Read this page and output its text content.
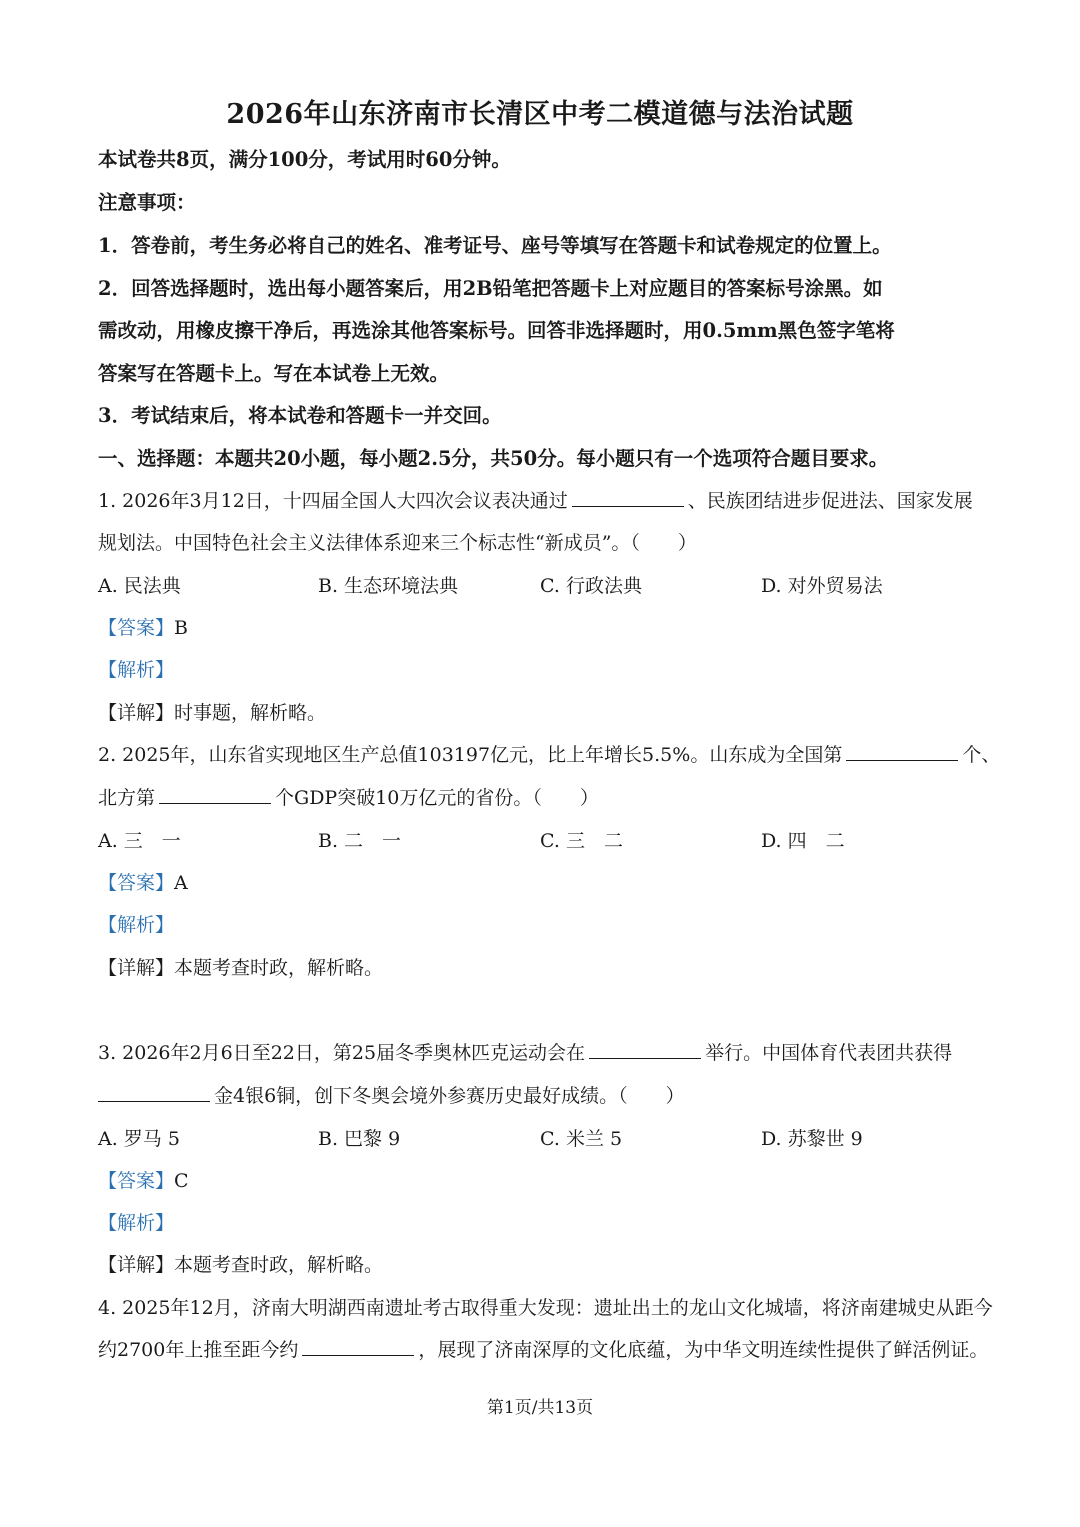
2026年山东济南市长清区中考二模道德与法治试题
本试卷共8页，满分100分，考试用时60分钟。
注意事项：
1．答卷前，考生务必将自己的姓名、准考证号、座号等填写在答题卡和试卷规定的位置上。
2．回答选择题时，选出每小题答案后，用2B铅笔把答题卡上对应题目的答案标号涂黑。如
需改动，用橡皮擦干净后，再选涂其他答案标号。回答非选择题时，用0.5mm黑色签字笔将
答案写在答题卡上。写在本试卷上无效。
3．考试结束后，将本试卷和答题卡一并交回。
一、选择题：本题共20小题，每小题2.5分，共50分。每小题只有一个选项符合题目要求。
1. 2026年3月12日，十四届全国人大四次会议表决通过	、民族团结进步促进法、国家发展
规划法。中国特色社会主义法律体系迎来三个标志性“新成员”。（　　）
A. 民法典	B. 生态环境法典	C. 行政法典	D. 对外贸易法
【答案】B
【解析】
【详解】时事题，解析略。
2. 2025年，山东省实现地区生产总值103197亿元，比上年增长5.5%。山东成为全国第	个、
北方第	个GDP突破10万亿元的省份。（　　）
A. 三　一	B. 二　一	C. 三　二	D. 四　二
【答案】A
【解析】
【详解】本题考查时政，解析略。
3. 2026年2月6日至22日，第25届冬季奥林匹克运动会在	举行。中国体育代表团共获得
金4银6铜，创下冬奥会境外参赛历史最好成绩。（　　）
A. 罗马 5	B. 巴黎 9	C. 米兰 5	D. 苏黎世 9
【答案】C
【解析】
【详解】本题考查时政，解析略。
4. 2025年12月，济南大明湖西南遗址考古取得重大发现：遗址出土的龙山文化城墙，将济南建城史从距今
约2700年上推至距今约	，展现了济南深厚的文化底蕴，为中华文明连续性提供了鲜活例证。
第1页/共13页
